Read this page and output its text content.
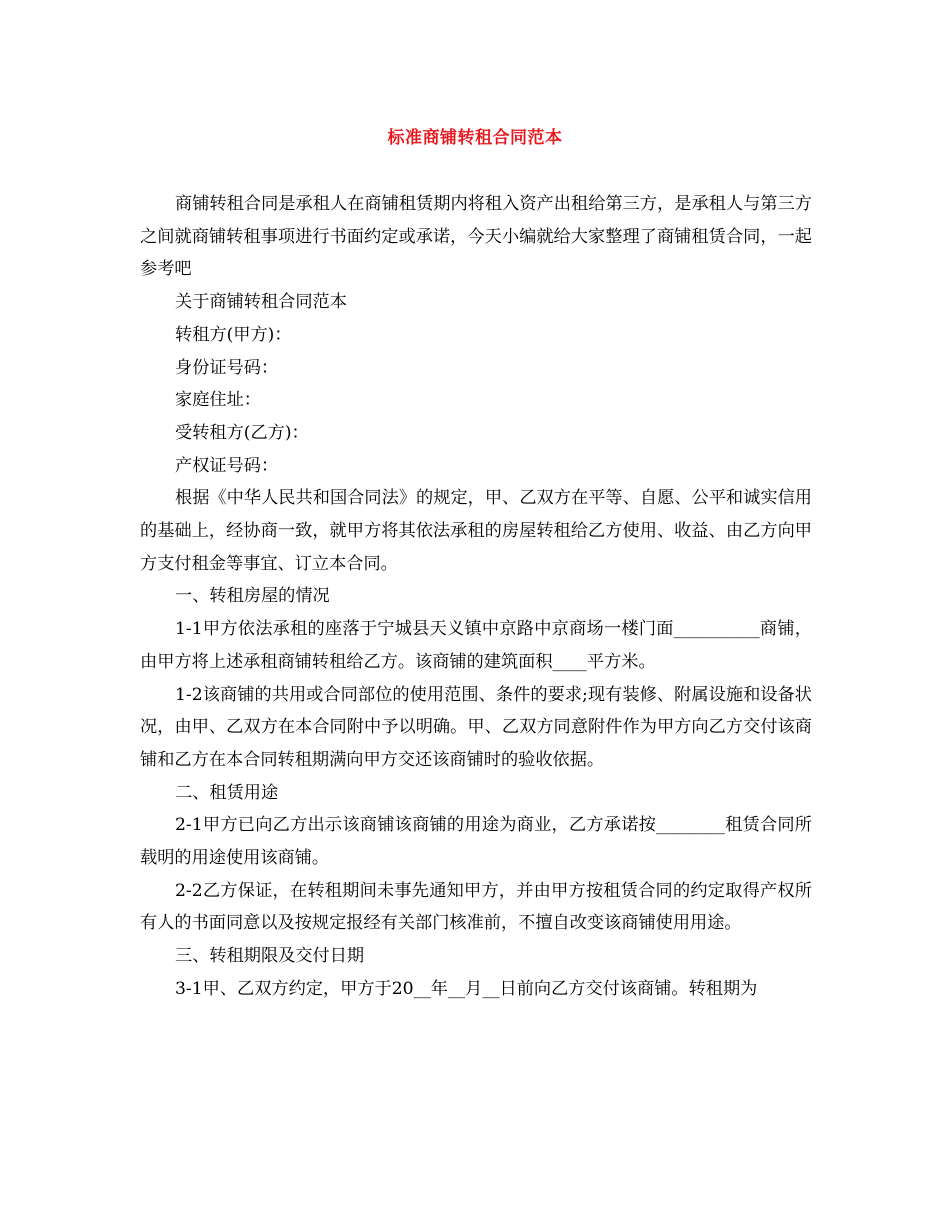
标准商铺转租合同范本

商铺转租合同是承租人在商铺租赁期内将租入资产出租给第三方，是承租人与第三方之间就商铺转租事项进行书面约定或承诺，今天小编就给大家整理了商铺租赁合同，一起参考吧

关于商铺转租合同范本

转租方(甲方)：

身份证号码：

家庭住址：

受转租方(乙方)：

产权证号码：

根据《中华人民共和国合同法》的规定，甲、乙双方在平等、自愿、公平和诚实信用的基础上，经协商一致，就甲方将其依法承租的房屋转租给乙方使用、收益、由乙方向甲方支付租金等事宜、订立本合同。

一、转租房屋的情况

1-1甲方依法承租的座落于宁城县天义镇中京路中京商场一楼门面__________商铺，由甲方将上述承租商铺转租给乙方。该商铺的建筑面积____平方米。

1-2该商铺的共用或合同部位的使用范围、条件的要求;现有装修、附属设施和设备状况，由甲、乙双方在本合同附中予以明确。甲、乙双方同意附件作为甲方向乙方交付该商铺和乙方在本合同转租期满向甲方交还该商铺时的验收依据。

二、租赁用途

2-1甲方已向乙方出示该商铺该商铺的用途为商业，乙方承诺按________租赁合同所载明的用途使用该商铺。

2-2乙方保证，在转租期间未事先通知甲方，并由甲方按租赁合同的约定取得产权所有人的书面同意以及按规定报经有关部门核准前，不擅自改变该商铺使用用途。

三、转租期限及交付日期

3-1甲、乙双方约定，甲方于20__年__月__日前向乙方交付该商铺。转租期为
